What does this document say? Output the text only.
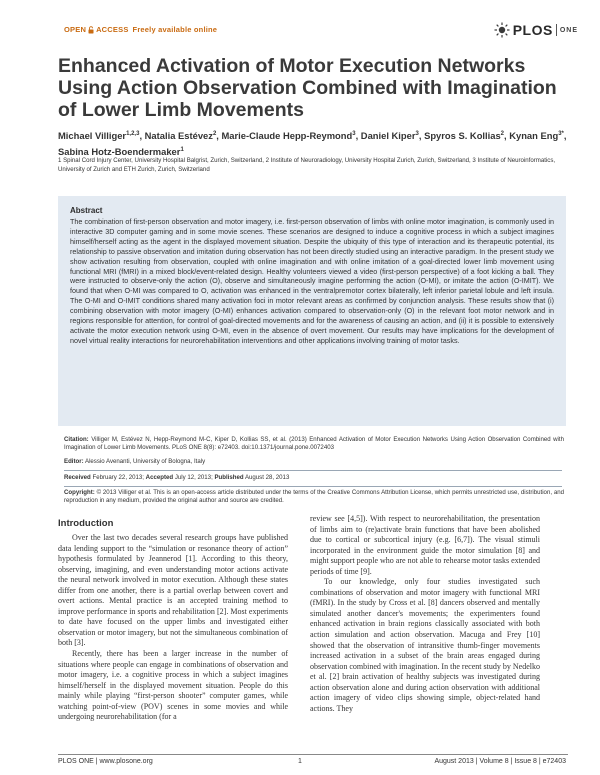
OPEN ACCESS Freely available online	PLOS ONE
Enhanced Activation of Motor Execution Networks Using Action Observation Combined with Imagination of Lower Limb Movements
Michael Villiger$^{1,2,3}$, Natalia Estévez$^2$, Marie-Claude Hepp-Reymond$^3$, Daniel Kiper$^3$, Spyros S. Kollias$^2$, Kynan Eng$^{3*}$, Sabina Hotz-Boendermaker$^1$
1 Spinal Cord Injury Center, University Hospital Balgrist, Zurich, Switzerland, 2 Institute of Neuroradiology, University Hospital Zurich, Zurich, Switzerland, 3 Institute of Neuroinformatics, University of Zurich and ETH Zurich, Zurich, Switzerland
Abstract

The combination of first-person observation and motor imagery, i.e. first-person observation of limbs with online motor imagination, is commonly used in interactive 3D computer gaming and in some movie scenes. These scenarios are designed to induce a cognitive process in which a subject imagines himself/herself acting as the agent in the displayed movement situation. Despite the ubiquity of this type of interaction and its therapeutic potential, its relationship to passive observation and imitation during observation has not been directly studied using an interactive paradigm. In the present study we show activation resulting from observation, coupled with online imagination and with online imitation of a goal-directed lower limb movement using functional MRI (fMRI) in a mixed block/event-related design. Healthy volunteers viewed a video (first-person perspective) of a foot kicking a ball. They were instructed to observe-only the action (O), observe and simultaneously imagine performing the action (O-MI), or imitate the action (O-IMIT). We found that when O-MI was compared to O, activation was enhanced in the ventralpremotor cortex bilaterally, left inferior parietal lobule and left insula. The O-MI and O-IMIT conditions shared many activation foci in motor relevant areas as confirmed by conjunction analysis. These results show that (i) combining observation with motor imagery (O-MI) enhances activation compared to observation-only (O) in the relevant foot motor network and in regions responsible for attention, for control of goal-directed movements and for the awareness of causing an action, and (ii) it is possible to extensively activate the motor execution network using O-MI, even in the absence of overt movement. Our results may have implications for the development of novel virtual reality interactions for neurorehabilitation interventions and other applications involving training of motor tasks.

Citation: Villiger M, Estévez N, Hepp-Reymond M-C, Kiper D, Kollias SS, et al. (2013) Enhanced Activation of Motor Execution Networks Using Action Observation Combined with Imagination of Lower Limb Movements. PLoS ONE 8(8): e72403. doi:10.1371/journal.pone.0072403
Editor: Alessio Avenanti, University of Bologna, Italy
Received February 22, 2013; Accepted July 12, 2013; Published August 28, 2013
Copyright: © 2013 Villiger et al. This is an open-access article distributed under the terms of the Creative Commons Attribution License, which permits unrestricted use, distribution, and reproduction in any medium, provided the original author and source are credited.
Introduction

Over the last two decades several research groups have published data lending support to the “simulation or resonance theory of action” hypothesis formulated by Jeannerod [1]. According to this theory, observing, imagining, and even understanding motor actions activate the neural network involved in motor execution. Although these states differ from one another, there is a partial overlap between covert and overt actions. Mental practice is an accepted training method to improve performance in sports and rehabilitation [2]. Most experiments to date have focused on the upper limbs and investigated either observation or motor imagery, but not the simultaneous combination of both [3].

Recently, there has been a larger increase in the number of situations where people can engage in combinations of observation and motor imagery, i.e. a cognitive process in which a subject imagines himself/herself in the displayed movement situation. People do this mainly while playing “first-person shooter” computer games, while watching point-of-view (POV) scenes in some movies and while undergoing neurorehabilitation (for a

review see [4,5]). With respect to neurorehabilitation, the presentation of limbs aim to (re)activate brain functions that have been abolished due to cortical or subcortical injury (e.g. [6,7]). The visual stimuli incorporated in the environment guide the motor simulation [8] and might support people who are not able to rehearse motor tasks extended periods of time [9].

To our knowledge, only four studies investigated such combinations of observation and motor imagery with functional MRI (fMRI). In the study by Cross et al. [8] dancers observed and mentally simulated another dancer's movements; the experimenters found enhanced activation in brain regions classically associated with both action simulation and action observation. Macuga and Frey [10] showed that the observation of intransitive thumb-finger movements increased activation in a subset of the brain areas engaged during observation combined with imagination. In the recent study by Nedelko et al. [2] brain activation of healthy subjects was investigated during action observation alone and during action observation with additional action imagery of video clips showing simple, object-related hand actions. They

PLOS ONE | www.plosone.org	1	August 2013 | Volume 8 | Issue 8 | e72403
